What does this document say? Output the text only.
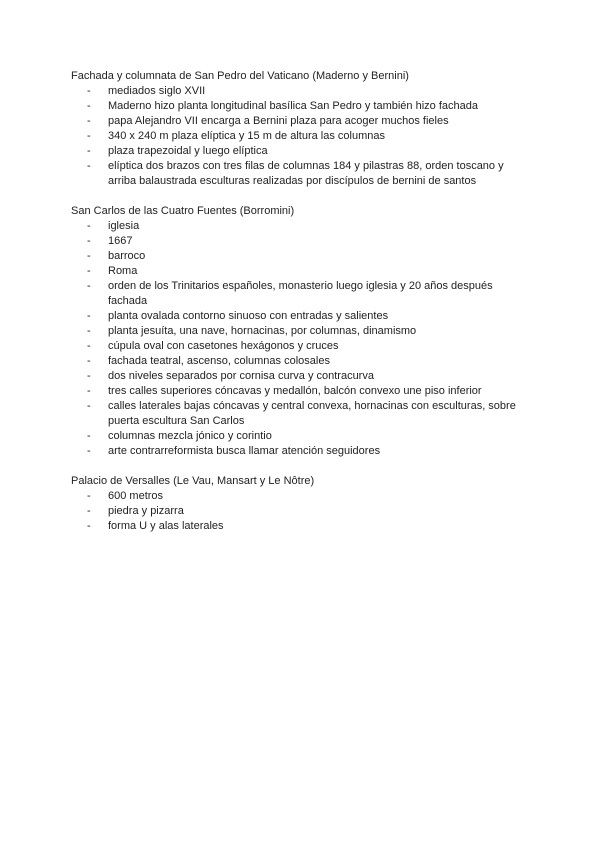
Fachada y columnata de San Pedro del Vaticano (Maderno y Bernini)

- mediados siglo XVII
- Maderno hizo planta longitudinal basílica San Pedro y también hizo fachada
- papa Alejandro VII encarga a Bernini plaza para acoger muchos fieles
- 340 x 240 m plaza elíptica y 15 m de altura las columnas
- plaza trapezoidal y luego elíptica
- elíptica dos brazos con tres filas de columnas 184 y pilastras 88, orden toscano y arriba balaustrada esculturas realizadas por discípulos de bernini de santos

San Carlos de las Cuatro Fuentes (Borromini)

- iglesia
- 1667
- barroco
- Roma
- orden de los Trinitarios españoles, monasterio luego iglesia y 20 años después fachada
- planta ovalada contorno sinuoso con entradas y salientes
- planta jesuíta, una nave, hornacinas, por columnas, dinamismo
- cúpula oval con casetones hexágonos y cruces
- fachada teatral, ascenso, columnas colosales
- dos niveles separados por cornisa curva y contracurva
- tres calles superiores cóncavas y medallón, balcón convexo une piso inferior
- calles laterales bajas cóncavas y central convexa, hornacinas con esculturas, sobre puerta escultura San Carlos
- columnas mezcla jónico y corintio
- arte contrarreformista busca llamar atención seguidores

Palacio de Versalles (Le Vau, Mansart y Le Nôtre)

- 600 metros
- piedra y pizarra
- forma U y alas laterales
